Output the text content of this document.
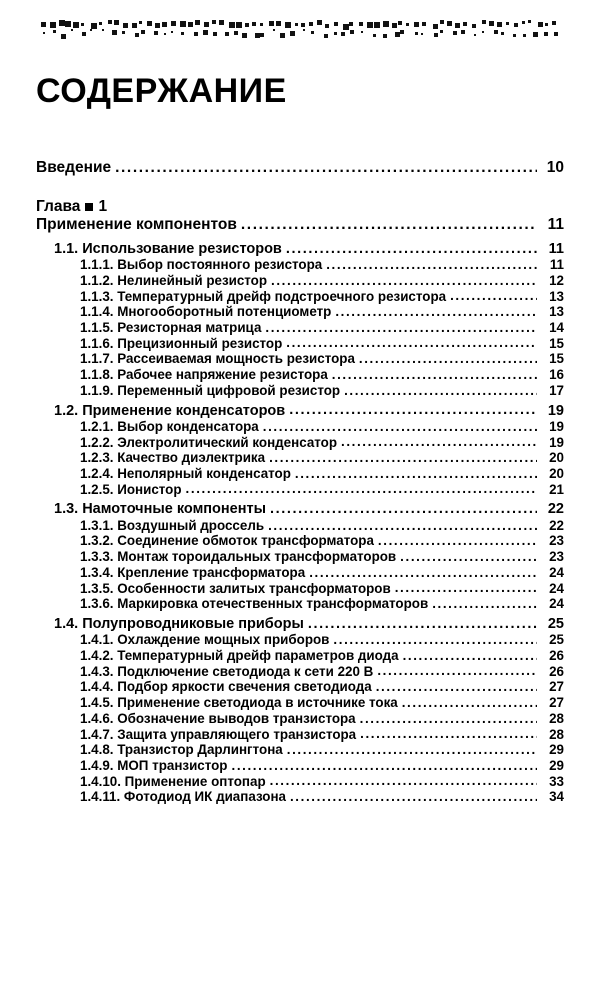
СОДЕРЖАНИЕ
Введение .....	10
Глава 1
Применение компонентов .....	11
1.1. Использование резисторов .....	11
1.1.1. Выбор постоянного резистора .....	11
1.1.2. Нелинейный резистор .....	12
1.1.3. Температурный дрейф подстроечного резистора .....	13
1.1.4. Многооборотный потенциометр .....	13
1.1.5. Резисторная матрица .....	14
1.1.6. Прецизионный резистор .....	15
1.1.7. Рассеиваемая мощность резистора .....	15
1.1.8. Рабочее напряжение резистора .....	16
1.1.9. Переменный цифровой резистор .....	17
1.2. Применение конденсаторов .....	19
1.2.1. Выбор конденсатора .....	19
1.2.2. Электролитический конденсатор .....	19
1.2.3. Качество диэлектрика .....	20
1.2.4. Неполярный конденсатор .....	20
1.2.5. Ионистор .....	21
1.3. Намоточные компоненты .....	22
1.3.1. Воздушный дроссель .....	22
1.3.2. Соединение обмоток трансформатора .....	23
1.3.3. Монтаж тороидальных трансформаторов .....	23
1.3.4. Крепление трансформатора .....	24
1.3.5. Особенности залитых трансформаторов .....	24
1.3.6. Маркировка отечественных трансформаторов .....	24
1.4. Полупроводниковые приборы .....	25
1.4.1. Охлаждение мощных приборов .....	25
1.4.2. Температурный дрейф параметров диода .....	26
1.4.3. Подключение светодиода к сети 220 В .....	26
1.4.4. Подбор яркости свечения светодиода .....	27
1.4.5. Применение светодиода в источнике тока .....	27
1.4.6. Обозначение выводов транзистора .....	28
1.4.7. Защита управляющего транзистора .....	28
1.4.8. Транзистор Дарлингтона .....	29
1.4.9. МОП транзистор .....	29
1.4.10. Применение оптопар .....	33
1.4.11. Фотодиод ИК диапазона .....	34
